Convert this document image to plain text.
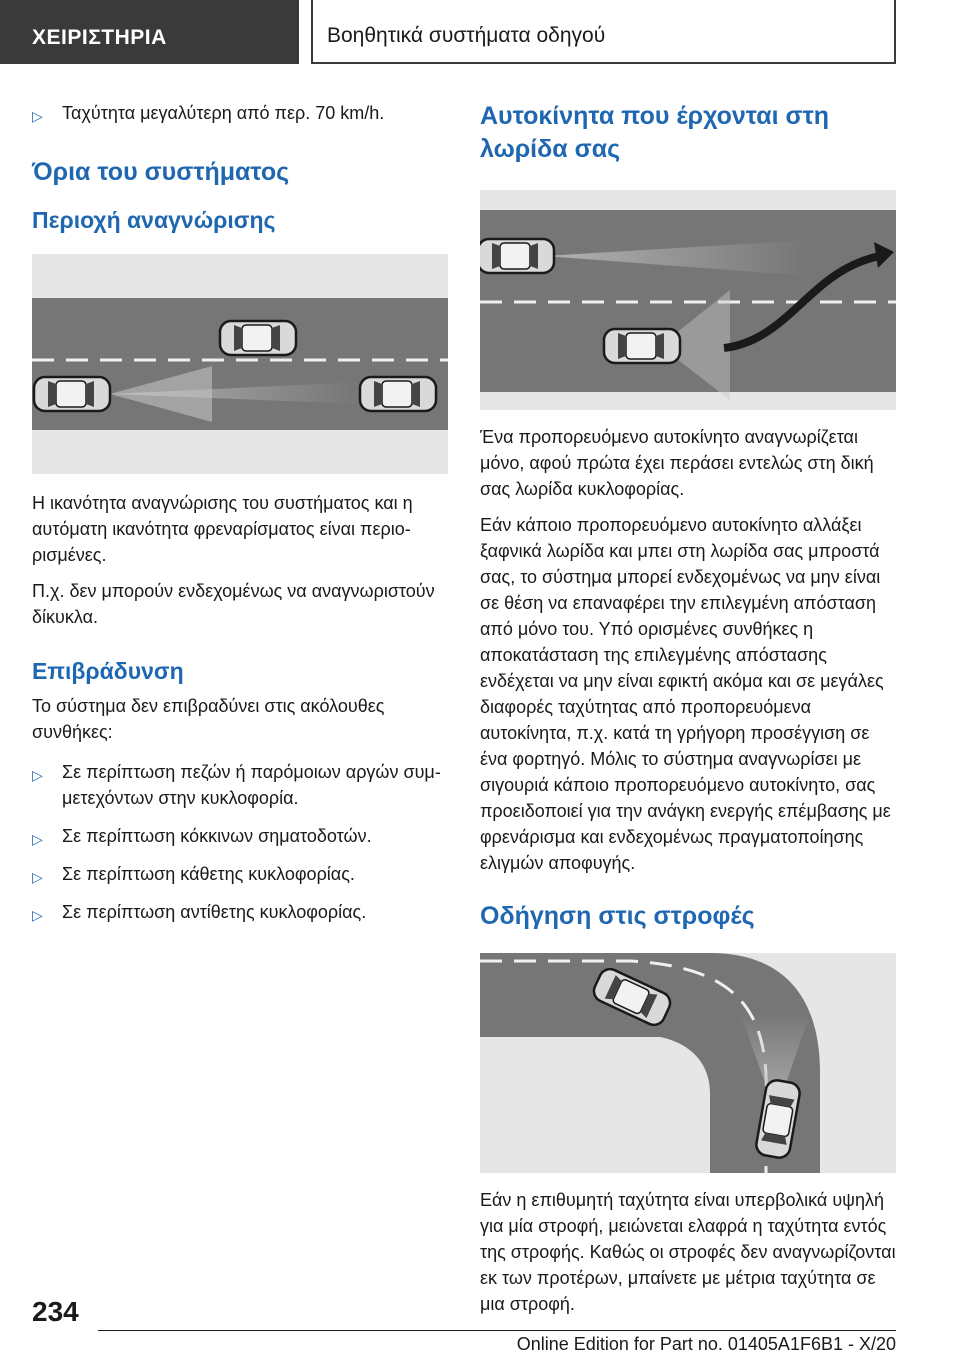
ΧΕΙΡΙΣΤΗΡΙΑ	Βοηθητικά συστήματα οδηγού
▷ Ταχύτητα μεγαλύτερη από περ. 70 km/h.
Όρια του συστήματος
Περιοχή αναγνώρισης

Η ικανότητα αναγνώρισης του συστήματος και η αυτόματη ικανότητα φρεναρίσματος είναι περιορισμένες.

Π.χ. δεν μπορούν ενδεχομένως να αναγνωριστούν δίκυκλα.

Επιβράδυνση

Το σύστημα δεν επιβραδύνει στις ακόλουθες συνθήκες:

▷ Σε περίπτωση πεζών ή παρόμοιων αργών συμμετεχόντων στην κυκλοφορία.
▷ Σε περίπτωση κόκκινων σηματοδοτών.
▷ Σε περίπτωση κάθετης κυκλοφορίας.
▷ Σε περίπτωση αντίθετης κυκλοφορίας.
Αυτοκίνητα που έρχονται στη λωρίδα σας

Ένα προπορευόμενο αυτοκίνητο αναγνωρίζεται μόνο, αφού πρώτα έχει περάσει εντελώς στη δική σας λωρίδα κυκλοφορίας.

Εάν κάποιο προπορευόμενο αυτοκίνητο αλλάξει ξαφνικά λωρίδα και μπει στη λωρίδα σας μπροστά σας, το σύστημα μπορεί ενδεχομένως να μην είναι σε θέση να επαναφέρει την επιλεγμένη απόσταση από μόνο του. Υπό ορισμένες συνθήκες η αποκατάσταση της επιλεγμένης απόστασης ενδέχεται να μην είναι εφικτή ακόμα και σε μεγάλες διαφορές ταχύτητας από προπορευόμενα αυτοκίνητα, π.χ. κατά τη γρήγορη προσέγγιση σε ένα φορτηγό. Μόλις το σύστημα αναγνωρίσει με σιγουριά κάποιο προπορευόμενο αυτοκίνητο, σας προειδοποιεί για την ανάγκη ενεργής επέμβασης με φρενάρισμα και ενδεχομένως πραγματοποίησης ελιγμών αποφυγής.

Οδήγηση στις στροφές

Εάν η επιθυμητή ταχύτητα είναι υπερβολικά υψηλή για μία στροφή, μειώνεται ελαφρά η ταχύτητα εντός της στροφής. Καθώς οι στροφές δεν αναγνωρίζονται εκ των προτέρων, μπαίνετε με μέτρια ταχύτητα σε μια στροφή.

234
Online Edition for Part no. 01405A1F6B1 - X/20
